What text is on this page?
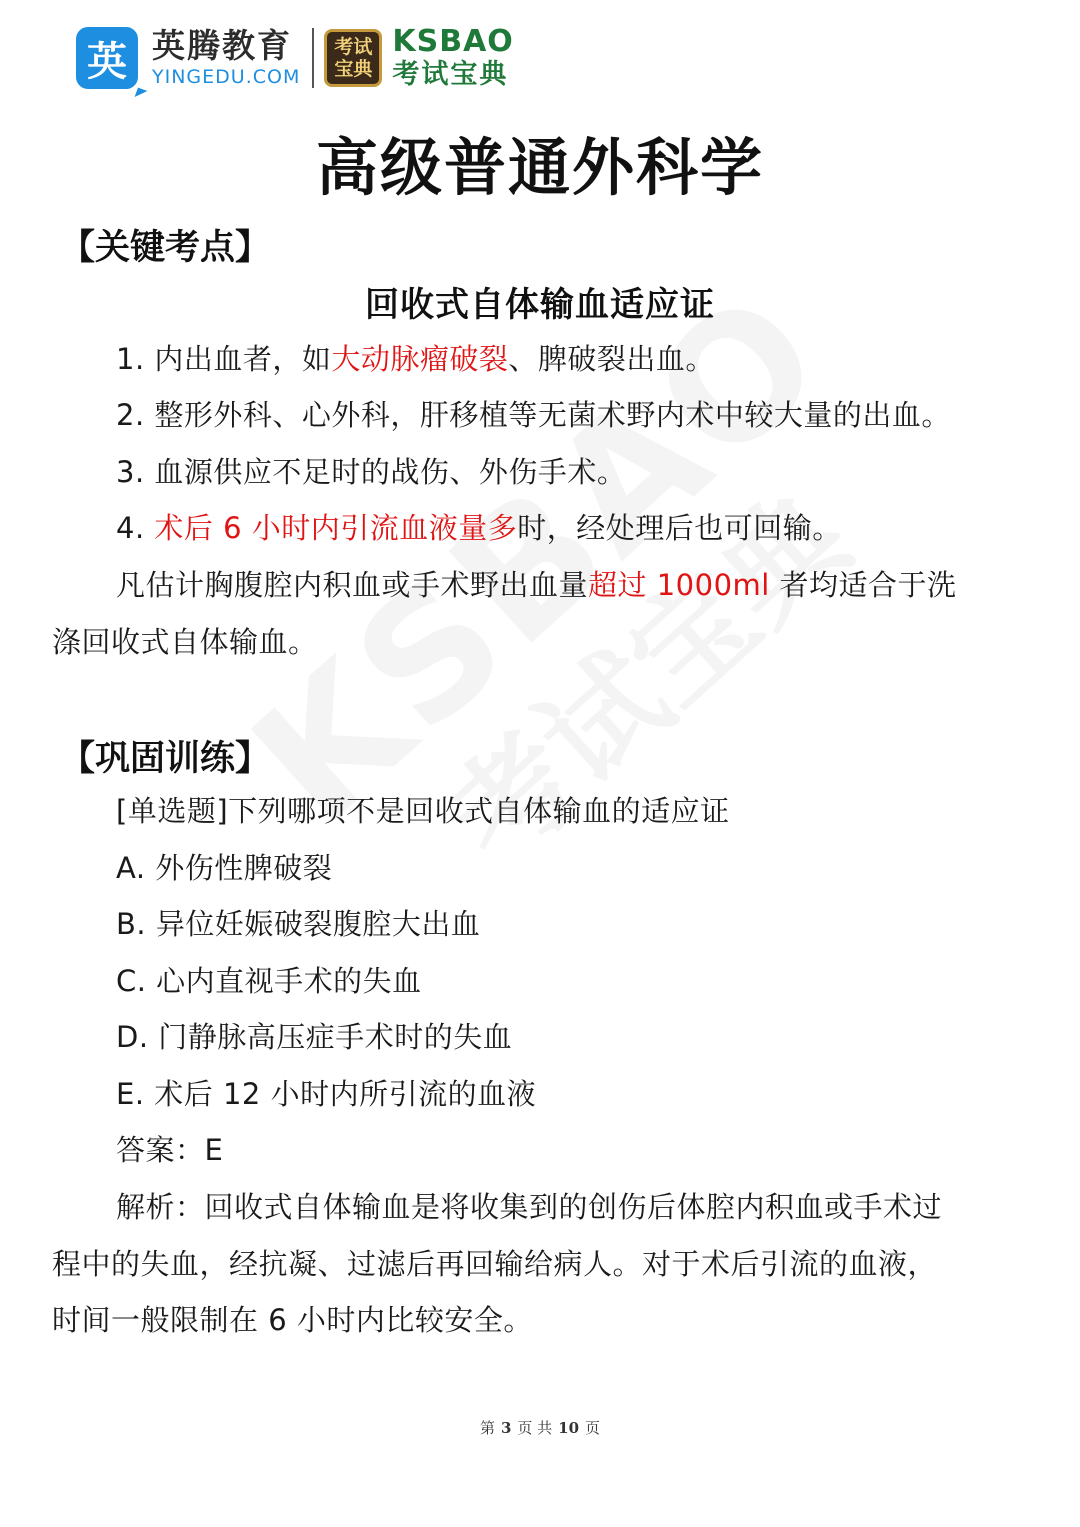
英 英腾教育
YINGEDU.COM
考试宝典
KSBAO
考试宝典
高级普通外科学
【关键考点】
回收式自体输血适应证
1. 内出血者，如大动脉瘤破裂、脾破裂出血。
2. 整形外科、心外科，肝移植等无菌术野内术中较大量的出血。
3. 血源供应不足时的战伤、外伤手术。
4. 术后 6 小时内引流血液量多时，经处理后也可回输。
凡估计胸腹腔内积血或手术野出血量超过 1000ml 者均适合于洗
涤回收式自体输血。
【巩固训练】
[单选题]下列哪项不是回收式自体输血的适应证
A. 外伤性脾破裂
B. 异位妊娠破裂腹腔大出血
C. 心内直视手术的失血
D. 门静脉高压症手术时的失血
E. 术后 12 小时内所引流的血液
答案：E
解析：回收式自体输血是将收集到的创伤后体腔内积血或手术过
程中的失血，经抗凝、过滤后再回输给病人。对于术后引流的血液，
时间一般限制在 6 小时内比较安全。
第 3 页 共 10 页
